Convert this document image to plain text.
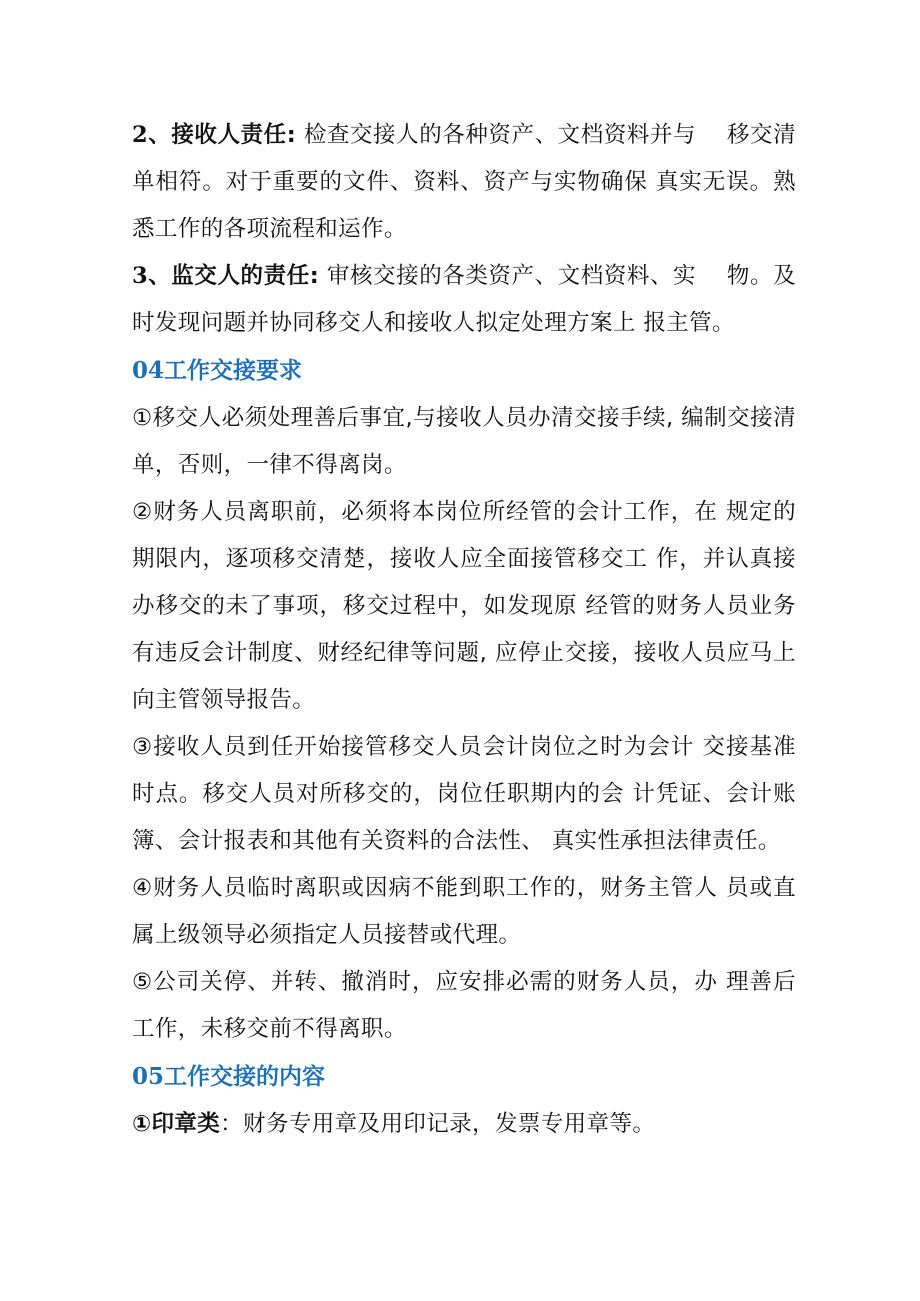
2、接收人责任: 检查交接人的各种资产、文档资料并与　 移交清单相符。对于重要的文件、资料、资产与实物确保 真实无误。熟悉工作的各项流程和运作。

3、监交人的责任: 审核交接的各类资产、文档资料、实　 物。及时发现问题并协同移交人和接收人拟定处理方案上 报主管。

04工作交接要求

①移交人必须处理善后事宜,与接收人员办清交接手续, 编制交接清单，否则，一律不得离岗。

②财务人员离职前，必须将本岗位所经管的会计工作，在 规定的期限内，逐项移交清楚，接收人应全面接管移交工 作，并认真接办移交的未了事项，移交过程中，如发现原 经管的财务人员业务有违反会计制度、财经纪律等问题, 应停止交接，接收人员应马上向主管领导报告。

③接收人员到任开始接管移交人员会计岗位之时为会计 交接基准时点。移交人员对所移交的，岗位任职期内的会 计凭证、会计账簿、会计报表和其他有关资料的合法性、 真实性承担法律责任。

④财务人员临时离职或因病不能到职工作的，财务主管人 员或直属上级领导必须指定人员接替或代理。

⑤公司关停、并转、撤消时，应安排必需的财务人员，办 理善后工作，未移交前不得离职。

05工作交接的内容

①印章类：财务专用章及用印记录，发票专用章等。
